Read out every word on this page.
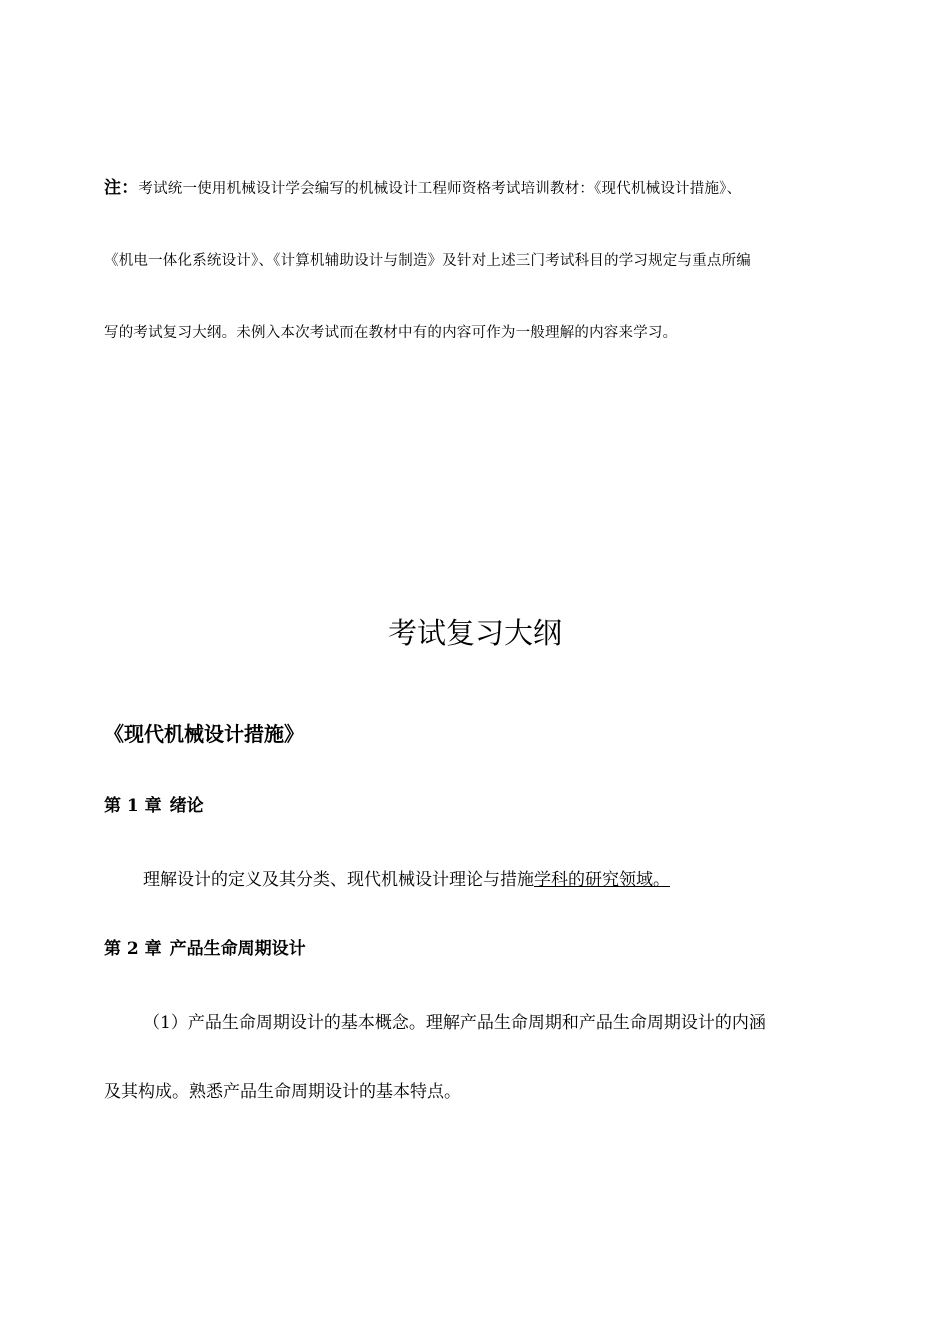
注：考试统一使用机械设计学会编写的机械设计工程师资格考试培训教材：《现代机械设计措施》、
《机电一体化系统设计》、《计算机辅助设计与制造》及针对上述三门考试科目的学习规定与重点所编
写的考试复习大纲。未例入本次考试而在教材中有的内容可作为一般理解的内容来学习。
考试复习大纲
《现代机械设计措施》
第 1 章 绪论
理解设计的定义及其分类、现代机械设计理论与措施学科的研究领域。
第 2 章 产品生命周期设计
（1）产品生命周期设计的基本概念。理解产品生命周期和产品生命周期设计的内涵
及其构成。熟悉产品生命周期设计的基本特点。
